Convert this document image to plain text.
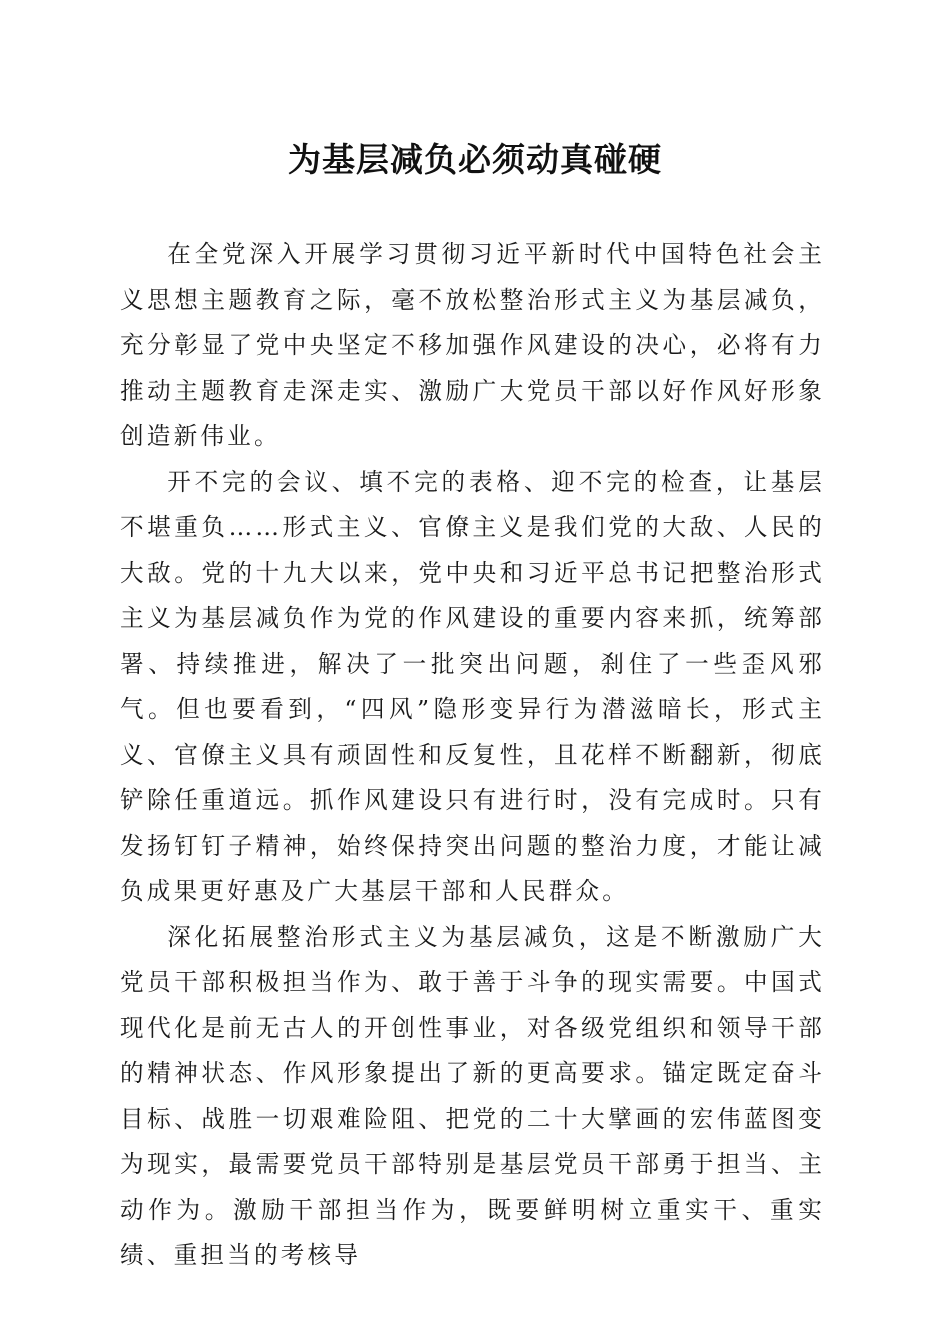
为基层减负必须动真碰硬

在全党深入开展学习贯彻习近平新时代中国特色社会主义思想主题教育之际，毫不放松整治形式主义为基层减负，充分彰显了党中央坚定不移加强作风建设的决心，必将有力推动主题教育走深走实、激励广大党员干部以好作风好形象创造新伟业。

开不完的会议、填不完的表格、迎不完的检查，让基层不堪重负……形式主义、官僚主义是我们党的大敌、人民的大敌。党的十九大以来，党中央和习近平总书记把整治形式主义为基层减负作为党的作风建设的重要内容来抓，统筹部署、持续推进，解决了一批突出问题，刹住了一些歪风邪气。但也要看到，“四风”隐形变异行为潜滋暗长，形式主义、官僚主义具有顽固性和反复性，且花样不断翻新，彻底铲除任重道远。抓作风建设只有进行时，没有完成时。只有发扬钉钉子精神，始终保持突出问题的整治力度，才能让减负成果更好惠及广大基层干部和人民群众。

深化拓展整治形式主义为基层减负，这是不断激励广大党员干部积极担当作为、敢于善于斗争的现实需要。中国式现代化是前无古人的开创性事业，对各级党组织和领导干部的精神状态、作风形象提出了新的更高要求。锚定既定奋斗目标、战胜一切艰难险阻、把党的二十大擘画的宏伟蓝图变为现实，最需要党员干部特别是基层党员干部勇于担当、主动作为。激励干部担当作为，既要鲜明树立重实干、重实绩、重担当的考核导
